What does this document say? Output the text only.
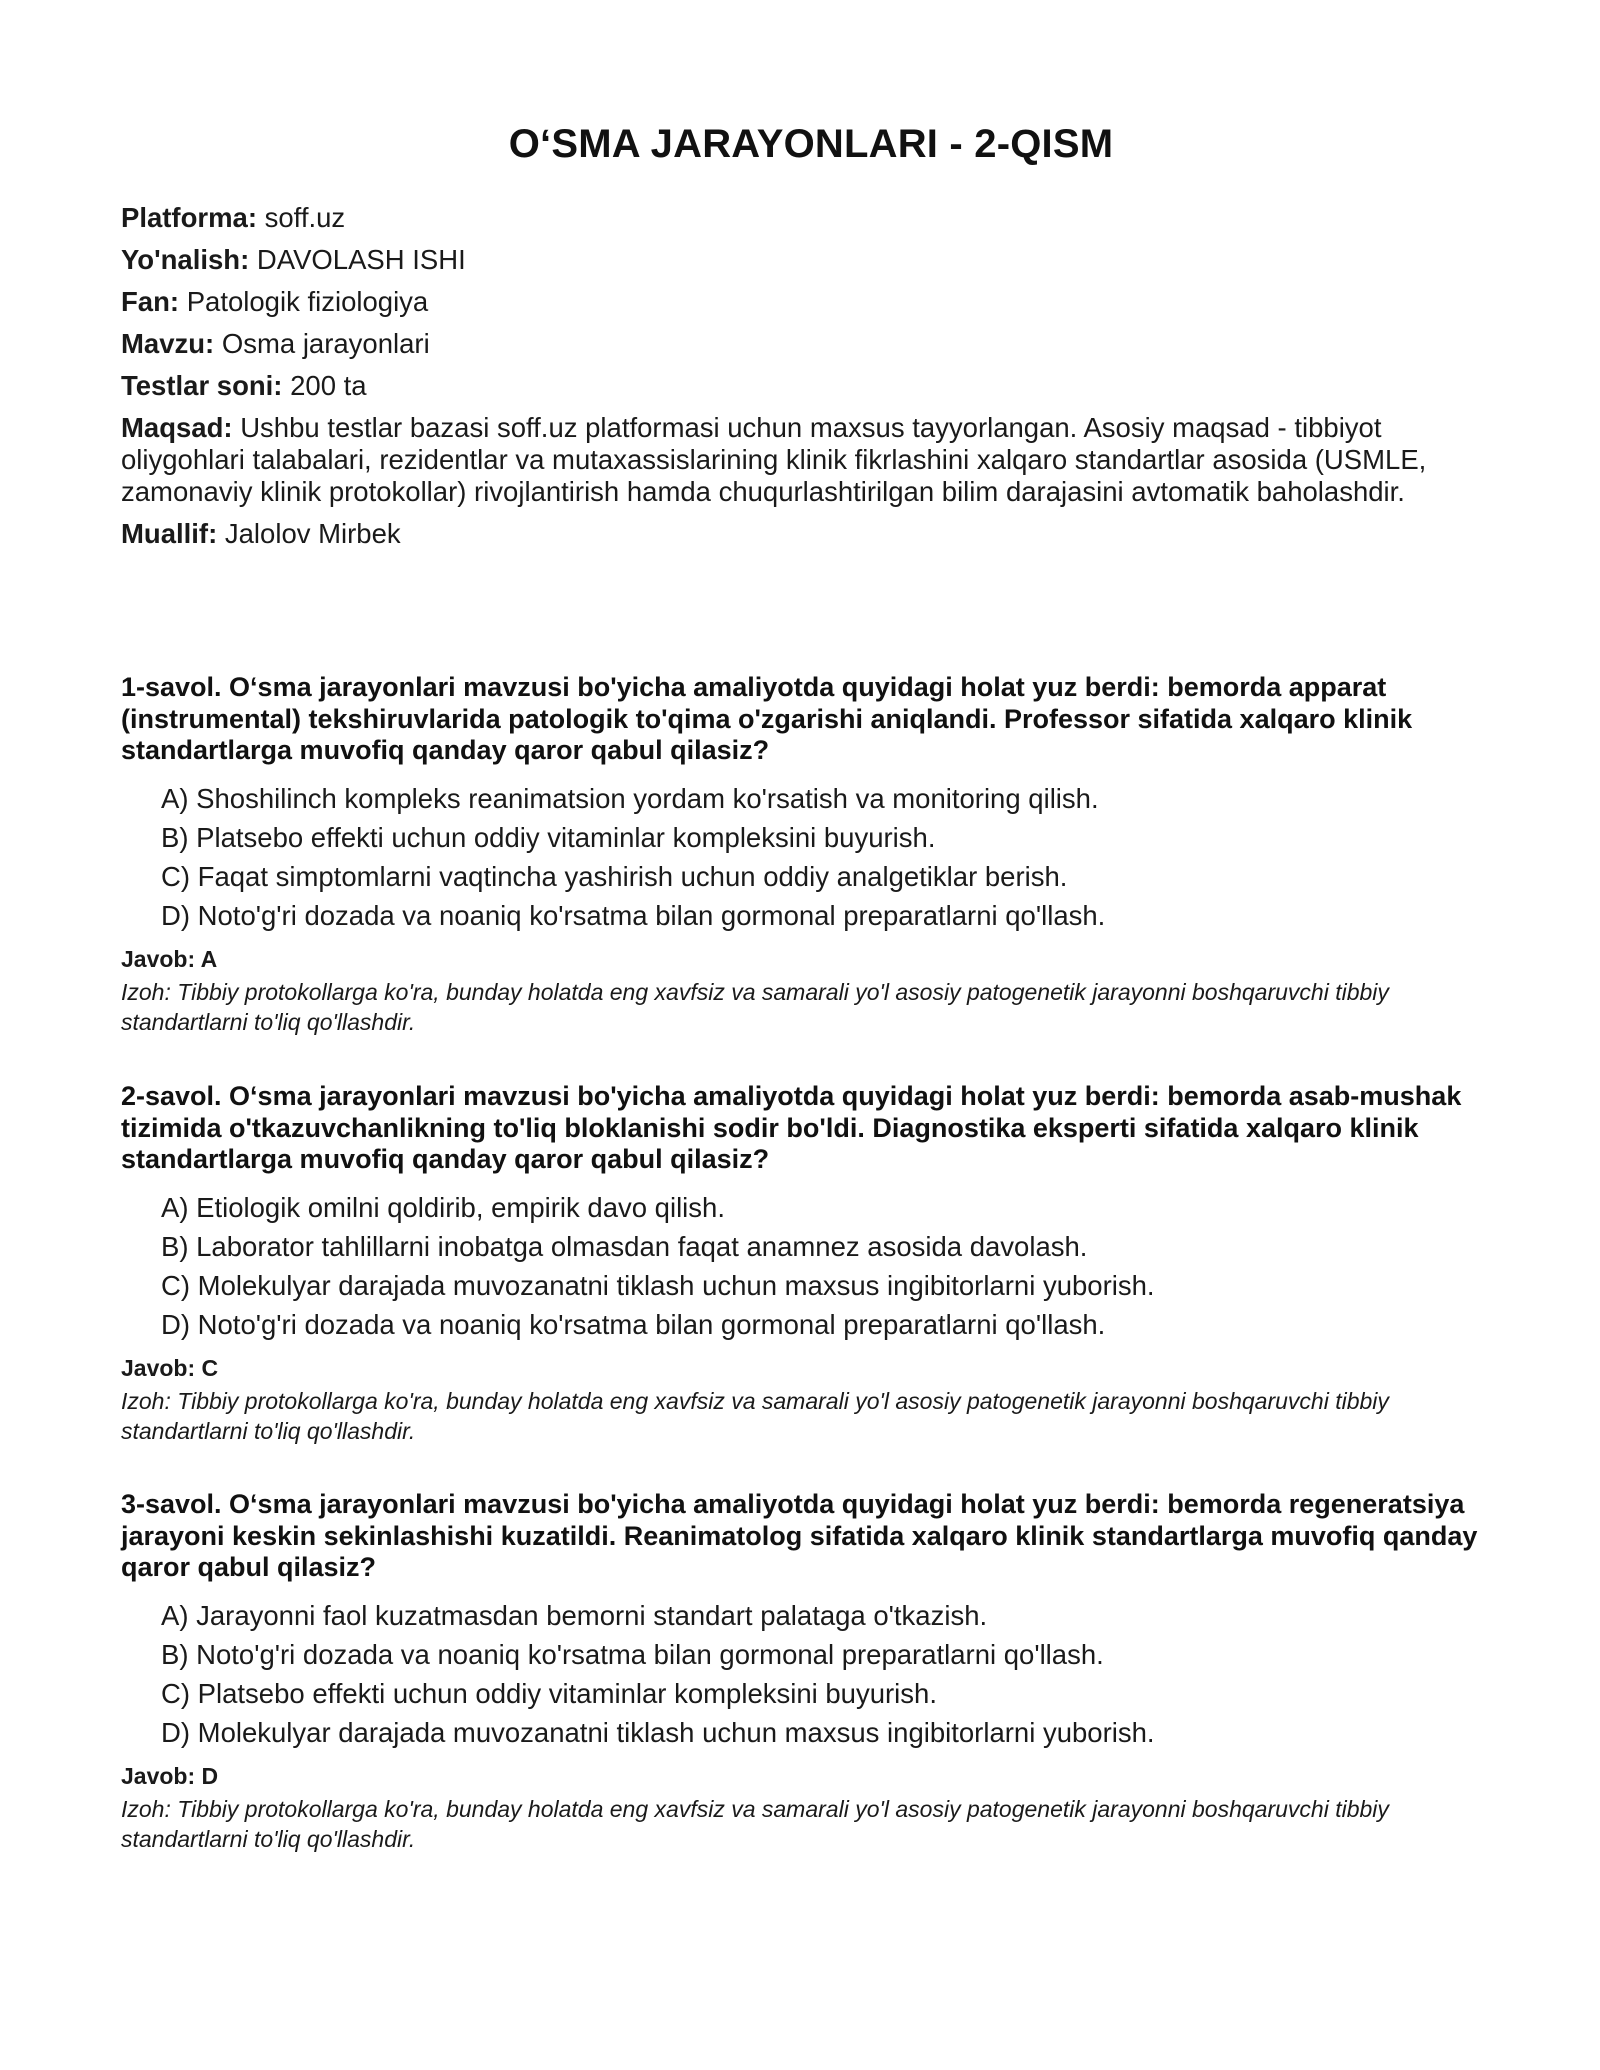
O‘SMA JARAYONLARI - 2-QISM
Platforma: soff.uz
Yo'nalish: DAVOLASH ISHI
Fan: Patologik fiziologiya
Mavzu: Osma jarayonlari
Testlar soni: 200 ta
Maqsad: Ushbu testlar bazasi soff.uz platformasi uchun maxsus tayyorlangan. Asosiy maqsad - tibbiyot oliygohlari talabalari, rezidentlar va mutaxassislarining klinik fikrlashini xalqaro standartlar asosida (USMLE, zamonaviy klinik protokollar) rivojlantirish hamda chuqurlashtirilgan bilim darajasini avtomatik baholashdir.
Muallif: Jalolov Mirbek

1-savol. O‘sma jarayonlari mavzusi bo'yicha amaliyotda quyidagi holat yuz berdi: bemorda apparat (instrumental) tekshiruvlarida patologik to'qima o'zgarishi aniqlandi. Professor sifatida xalqaro klinik standartlarga muvofiq qanday qaror qabul qilasiz?

A) Shoshilinch kompleks reanimatsion yordam ko'rsatish va monitoring qilish.
B) Platsebo effekti uchun oddiy vitaminlar kompleksini buyurish.
C) Faqat simptomlarni vaqtincha yashirish uchun oddiy analgetiklar berish.
D) Noto'g'ri dozada va noaniq ko'rsatma bilan gormonal preparatlarni qo'llash.
Javob: A
Izoh: Tibbiy protokollarga ko'ra, bunday holatda eng xavfsiz va samarali yo'l asosiy patogenetik jarayonni boshqaruvchi tibbiy standartlarni to'liq qo'llashdir.

2-savol. O‘sma jarayonlari mavzusi bo'yicha amaliyotda quyidagi holat yuz berdi: bemorda asab-mushak tizimida o'tkazuvchanlikning to'liq bloklanishi sodir bo'ldi. Diagnostika eksperti sifatida xalqaro klinik standartlarga muvofiq qanday qaror qabul qilasiz?

A) Etiologik omilni qoldirib, empirik davo qilish.
B) Laborator tahlillarni inobatga olmasdan faqat anamnez asosida davolash.
C) Molekulyar darajada muvozanatni tiklash uchun maxsus ingibitorlarni yuborish.
D) Noto'g'ri dozada va noaniq ko'rsatma bilan gormonal preparatlarni qo'llash.
Javob: C
Izoh: Tibbiy protokollarga ko'ra, bunday holatda eng xavfsiz va samarali yo'l asosiy patogenetik jarayonni boshqaruvchi tibbiy standartlarni to'liq qo'llashdir.

3-savol. O‘sma jarayonlari mavzusi bo'yicha amaliyotda quyidagi holat yuz berdi: bemorda regeneratsiya jarayoni keskin sekinlashishi kuzatildi. Reanimatolog sifatida xalqaro klinik standartlarga muvofiq qanday qaror qabul qilasiz?

A) Jarayonni faol kuzatmasdan bemorni standart palataga o'tkazish.
B) Noto'g'ri dozada va noaniq ko'rsatma bilan gormonal preparatlarni qo'llash.
C) Platsebo effekti uchun oddiy vitaminlar kompleksini buyurish.
D) Molekulyar darajada muvozanatni tiklash uchun maxsus ingibitorlarni yuborish.
Javob: D
Izoh: Tibbiy protokollarga ko'ra, bunday holatda eng xavfsiz va samarali yo'l asosiy patogenetik jarayonni boshqaruvchi tibbiy standartlarni to'liq qo'llashdir.
